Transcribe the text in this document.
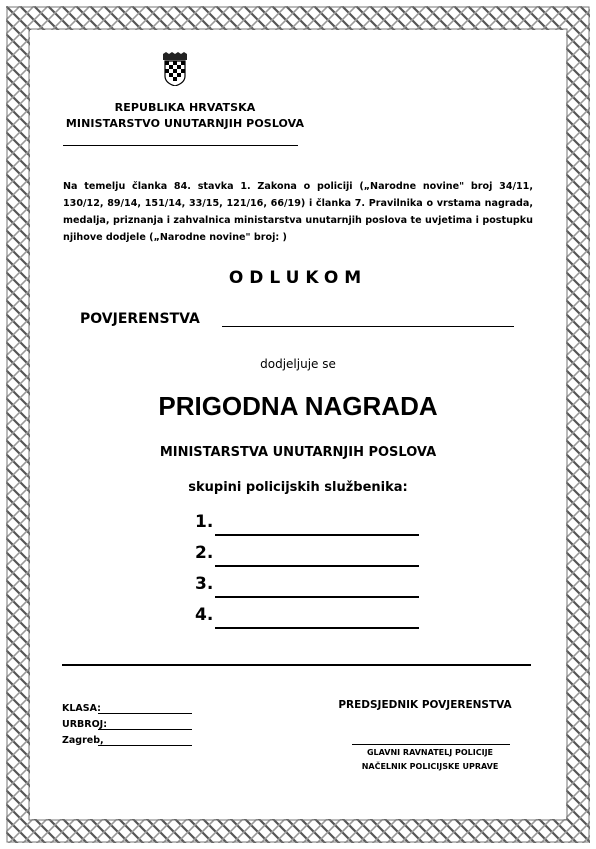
REPUBLIKA HRVATSKA
MINISTARSTVO UNUTARNJIH POSLOVA
Na temelju članka 84. stavka 1. Zakona o policiji („Narodne novine" broj 34/11, 130/12, 89/14, 151/14, 33/15, 121/16, 66/19) i članka 7. Pravilnika o vrstama nagrada, medalja, priznanja i zahvalnica ministarstva unutarnjih poslova te uvjetima i postupku njihove dodjele („Narodne novine" broj: )
ODLUKOM
POVJERENSTVA
dodjeljuje se
PRIGODNA NAGRADA
MINISTARSTVA UNUTARNJIH POSLOVA
skupini policijskih službenika:
1.
2.
3.
4.
KLASA:
URBROJ:
Zagreb,
PREDSJEDNIK POVJERENSTVA
GLAVNI RAVNATELJ POLICIJE
NAČELNIK POLICIJSKE UPRAVE
